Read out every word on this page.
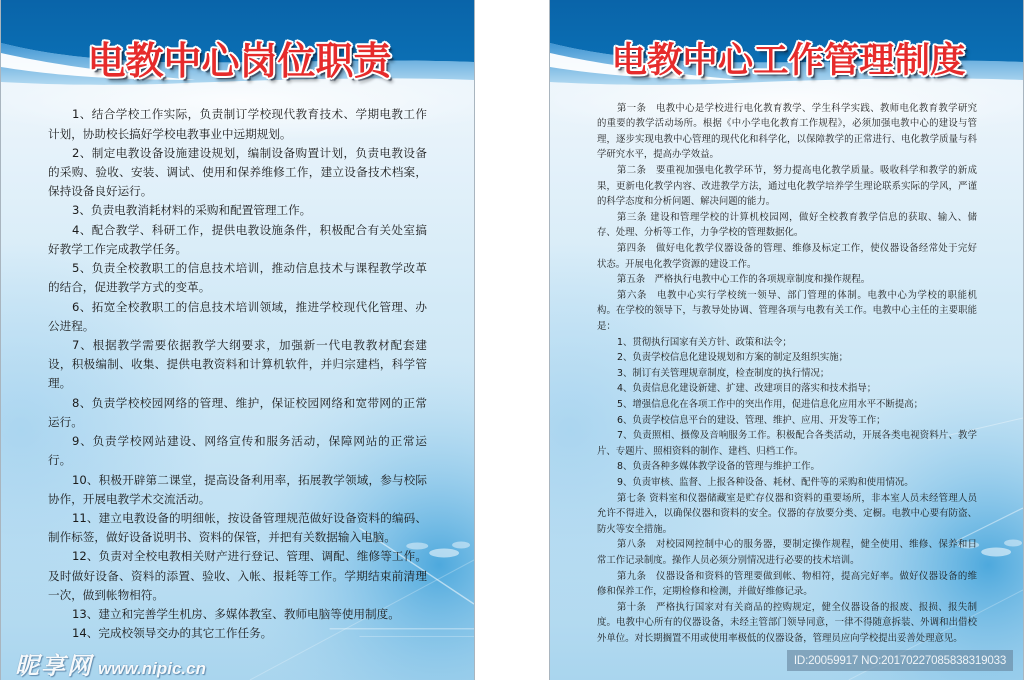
电教中心岗位职责
1、结合学校工作实际，负责制订学校现代教育技术、学期电教工作
计划，协助校长搞好学校电教事业中远期规划。
2、制定电教设备设施建设规划，编制设备购置计划，负责电教设备
的采购、验收、安装、调试、使用和保养维修工作，建立设备技术档案，
保持设备良好运行。
3、负责电教消耗材料的采购和配置管理工作。
4、配合教学、科研工作，提供电教设施条件，积极配合有关处室搞
好教学工作完成教学任务。
5、负责全校教职工的信息技术培训，推动信息技术与课程教学改革
的结合，促进教学方式的变革。
6、拓宽全校教职工的信息技术培训领域，推进学校现代化管理、办
公进程。
7、根据教学需要依据教学大纲要求，加强新一代电教教材配套建
设，积极编制、收集、提供电教资料和计算机软件，并归宗建档，科学管
理。
8、负责学校校园网络的管理、维护，保证校园网络和宽带网的正常
运行。
9、负责学校网站建设、网络宣传和服务活动，保障网站的正常运
行。
10、积极开辟第二课堂，提高设备利用率，拓展教学领域，参与校际
协作，开展电教学术交流活动。
11、建立电教设备的明细帐，按设备管理规范做好设备资料的编码、
制作标签，做好设备说明书、资料的保管，并把有关数据输入电脑。
12、负责对全校电教相关财产进行登记、管理、调配、维修等工作。
及时做好设备、资料的添置、验收、入帐、报耗等工作。学期结束前清理
一次，做到帐物相符。
13、建立和完善学生机房、多媒体教室、教师电脑等使用制度。
14、完成校领导交办的其它工作任务。
电教中心工作管理制度
第一条　电教中心是学校进行电化教育教学、学生科学实践、教师电化教育教学研究
的重要的教学活动场所。根据《中小学电化教育工作规程》，必须加强电教中心的建设与管
理，逐步实现电教中心管理的现代化和科学化，以保障教学的正常进行、电化教学质量与科
学研究水平，提高办学效益。
第二条　要重视加强电化教学环节，努力提高电化教学质量。吸收科学和教学的新成
果，更新电化教学内容、改进教学方法，通过电化教学培养学生理论联系实际的学风，严谨
的科学态度和分析问题、解决问题的能力。
第三条 建设和管理学校的计算机校园网，做好全校教育教学信息的获取、输入、储
存、处理、分析等工作，力争学校的管理数据化。
第四条　做好电化教学仪器设备的管理、维修及标定工作，使仪器设备经常处于完好
状态。开展电化教学资源的建设工作。
第五条　严格执行电教中心工作的各项规章制度和操作规程。
第六条　电教中心实行学校统一领导、部门管理的体制。电教中心为学校的职能机
构。在学校的领导下，与教导处协调、管理各项与电教有关工作。电教中心主任的主要职能
是：
1、贯彻执行国家有关方针、政策和法令；
2、负责学校信息化建设规划和方案的制定及组织实施；
3、制订有关管理规章制度，检查制度的执行情况；
4、负责信息化建设新建、扩建、改建项目的落实和技术指导；
5、增强信息化在各项工作中的突出作用，促进信息化应用水平不断提高；
6、负责学校信息平台的建设、管理、维护、应用、开发等工作；
7、负责照相、摄像及音响服务工作。积极配合各类活动，开展各类电视资料片、教学
片、专题片、照相资料的制作、建档、归档工作。
8、负责各种多媒体教学设备的管理与维护工作。
9、负责审核、监督、上报各种设备、耗材、配件等的采购和使用情况。
第七条 资料室和仪器储藏室是贮存仪器和资料的重要场所，非本室人员未经管理人员
允许不得进入，以确保仪器和资料的安全。仪器的存放要分类、定橱。电教中心要有防盗、
防火等安全措施。
第八条　对校园网控制中心的服务器，要制定操作规程，健全使用、维修、保养和日
常工作记录制度。操作人员必须分别情况进行必要的技术培训。
第九条　仪器设备和资料的管理要做到帐、物相符，提高完好率。做好仪器设备的维
修和保养工作，定期检修和检测，并做好维修记录。
第十条　严格执行国家对有关商品的控购规定，健全仪器设备的报废、报损、报失制
度。电教中心所有的仪器设备，未经主管部门领导同意，一律不得随意拆装、外调和出借校
外单位。对长期搁置不用或使用率极低的仪器设备，管理员应向学校提出妥善处理意见。
昵享网 www.nipic.cn	ID:20059917 NO:20170227085838319033
